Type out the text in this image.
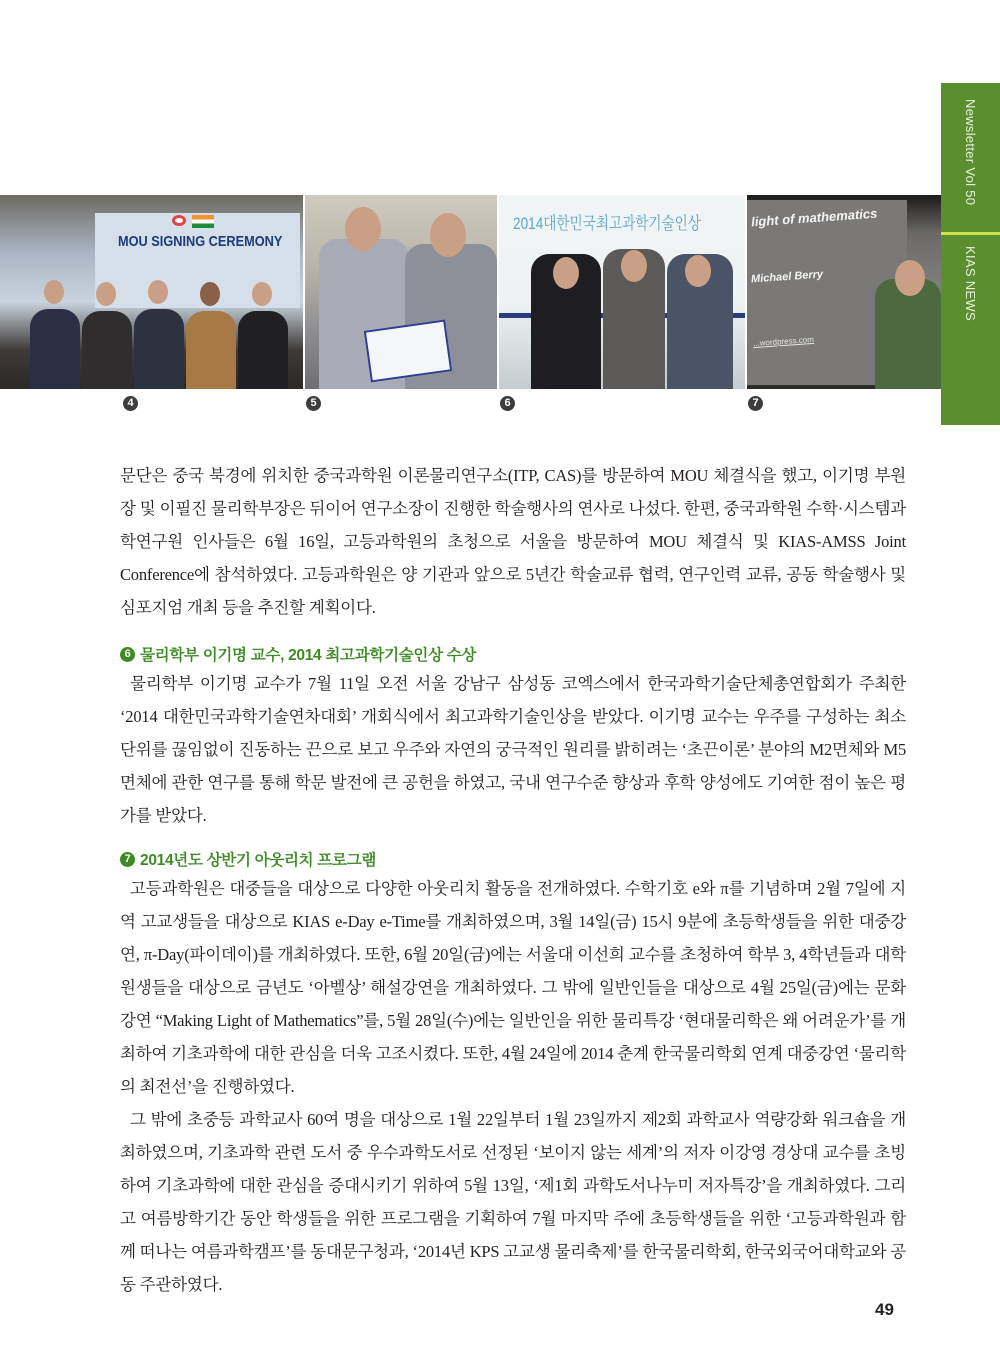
Newsletter Vol 50
KIAS NEWS
MOU SIGNING CEREMONY
2014대한민국최고과학기술인상	light of mathematics
Michael Berry
...wordpress.com
4	5	6	7

문단은 중국 북경에 위치한 중국과학원 이론물리연구소(ITP, CAS)를 방문하여 MOU 체결식을 했고, 이기명 부원장 및 이필진 물리학부장은 뒤이어 연구소장이 진행한 학술행사의 연사로 나섰다. 한편, 중국과학원 수학·시스템과학연구원 인사들은 6월 16일, 고등과학원의 초청으로 서울을 방문하여 MOU 체결식 및 KIAS-AMSS Joint Conference에 참석하였다. 고등과학원은 양 기관과 앞으로 5년간 학술교류 협력, 연구인력 교류, 공동 학술행사 및 심포지엄 개최 등을 추진할 계획이다.

6 물리학부 이기명 교수, 2014 최고과학기술인상 수상

물리학부 이기명 교수가 7월 11일 오전 서울 강남구 삼성동 코엑스에서 한국과학기술단체총연합회가 주최한 ‘2014 대한민국과학기술연차대회’ 개회식에서 최고과학기술인상을 받았다. 이기명 교수는 우주를 구성하는 최소 단위를 끊임없이 진동하는 끈으로 보고 우주와 자연의 궁극적인 원리를 밝히려는 ‘초끈이론’ 분야의 M2면체와 M5면체에 관한 연구를 통해 학문 발전에 큰 공헌을 하였고, 국내 연구수준 향상과 후학 양성에도 기여한 점이 높은 평가를 받았다.

7 2014년도 상반기 아웃리치 프로그램

고등과학원은 대중들을 대상으로 다양한 아웃리치 활동을 전개하였다. 수학기호 e와 π를 기념하며 2월 7일에 지역 고교생들을 대상으로 KIAS e-Day e-Time를 개최하였으며, 3월 14일(금) 15시 9분에 초등학생들을 위한 대중강연, π-Day(파이데이)를 개최하였다. 또한, 6월 20일(금)에는 서울대 이선희 교수를 초청하여 학부 3, 4학년들과 대학원생들을 대상으로 금년도 ‘아벨상’ 해설강연을 개최하였다. 그 밖에 일반인들을 대상으로 4월 25일(금)에는 문화강연 “Making Light of Mathematics”를, 5월 28일(수)에는 일반인을 위한 물리특강 ‘현대물리학은 왜 어려운가’를 개최하여 기초과학에 대한 관심을 더욱 고조시켰다. 또한, 4월 24일에 2014 춘계 한국물리학회 연계 대중강연 ‘물리학의 최전선’을 진행하였다.

그 밖에 초중등 과학교사 60여 명을 대상으로 1월 22일부터 1월 23일까지 제2회 과학교사 역량강화 워크숍을 개최하였으며, 기초과학 관련 도서 중 우수과학도서로 선정된 ‘보이지 않는 세계’의 저자 이강영 경상대 교수를 초빙하여 기초과학에 대한 관심을 증대시키기 위하여 5월 13일, ‘제1회 과학도서나누미 저자특강’을 개최하였다. 그리고 여름방학기간 동안 학생들을 위한 프로그램을 기획하여 7월 마지막 주에 초등학생들을 위한 ‘고등과학원과 함께 떠나는 여름과학캠프’를 동대문구청과, ‘2014년 KPS 고교생 물리축제’를 한국물리학회, 한국외국어대학교와 공동 주관하였다.

49
